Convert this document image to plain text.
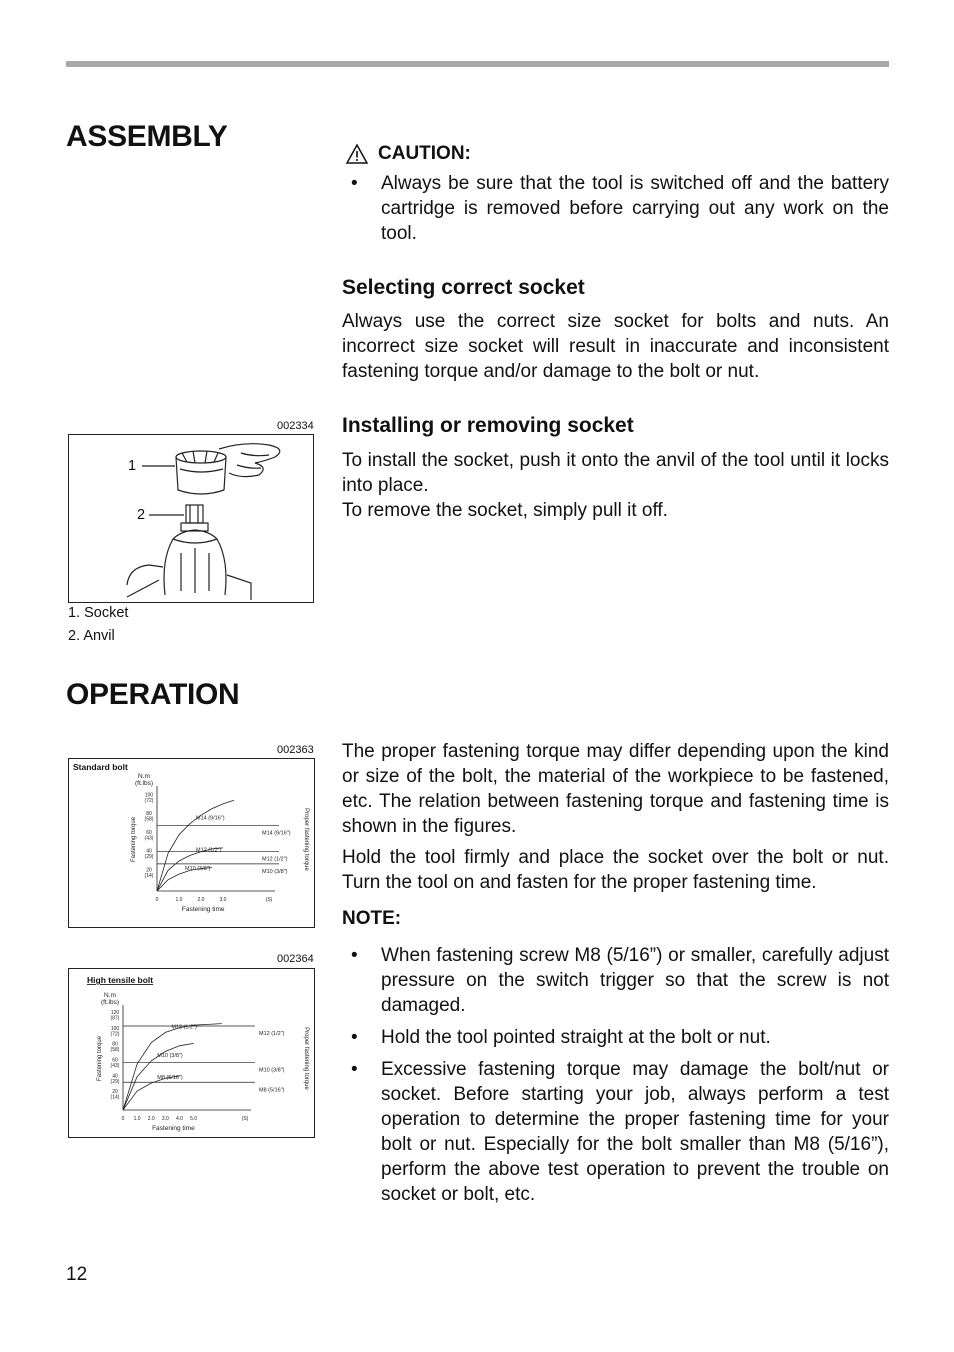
ASSEMBLY
CAUTION:
• Always be sure that the tool is switched off and the battery cartridge is removed before carrying out any work on the tool.
Selecting correct socket
Always use the correct size socket for bolts and nuts. An incorrect size socket will result in inaccurate and inconsistent fastening torque and/or damage to the bolt or nut.
Installing or removing socket
To install the socket, push it onto the anvil of the tool until it locks into place.
To remove the socket, simply pull it off.
002334
1
2
1. Socket
2. Anvil
OPERATION
The proper fastening torque may differ depending upon the kind or size of the bolt, the material of the workpiece to be fastened, etc. The relation between fastening torque and fastening time is shown in the figures.
Hold the tool firmly and place the socket over the bolt or nut. Turn the tool on and fasten for the proper fastening time.
NOTE:
• When fastening screw M8 (5/16”) or smaller, carefully adjust pressure on the switch trigger so that the screw is not damaged.
• Hold the tool pointed straight at the bolt or nut.
• Excessive fastening torque may damage the bolt/nut or socket. Before starting your job, always perform a test operation to determine the proper fastening time for your bolt or nut. Especially for the bolt smaller than M8 (5/16”), perform the above test operation to prevent the trouble on socket or bolt, etc.
002363
Standard bolt
N.m (ft.lbs)
20 (14)
40 (29)
60 (43)
80 (58)
100 (72)
0	1.0	2.0	3.0	(S)
Fastening time
Fastening torque	Proper fastening torque
M14 (9/16")
M12 (1/2")
M10 (3/8")
M14 (9/16")
M12 (1/2")
M10 (3/8")
002364
High tensile bolt
N.m (ft.lbs)
20 (14)
40 (29)
60 (43)
80 (58)
100 (72)
120 (87)
0 1.0 2.0 3.0 4.0 5.0	(S)
Fastening time
Fastening torque	Proper fastening torque
M12 (1/2")
M10 (3/8")
M8 (5/16")
M12 (1/2")
M10 (3/8")
M8 (5/16")
12
